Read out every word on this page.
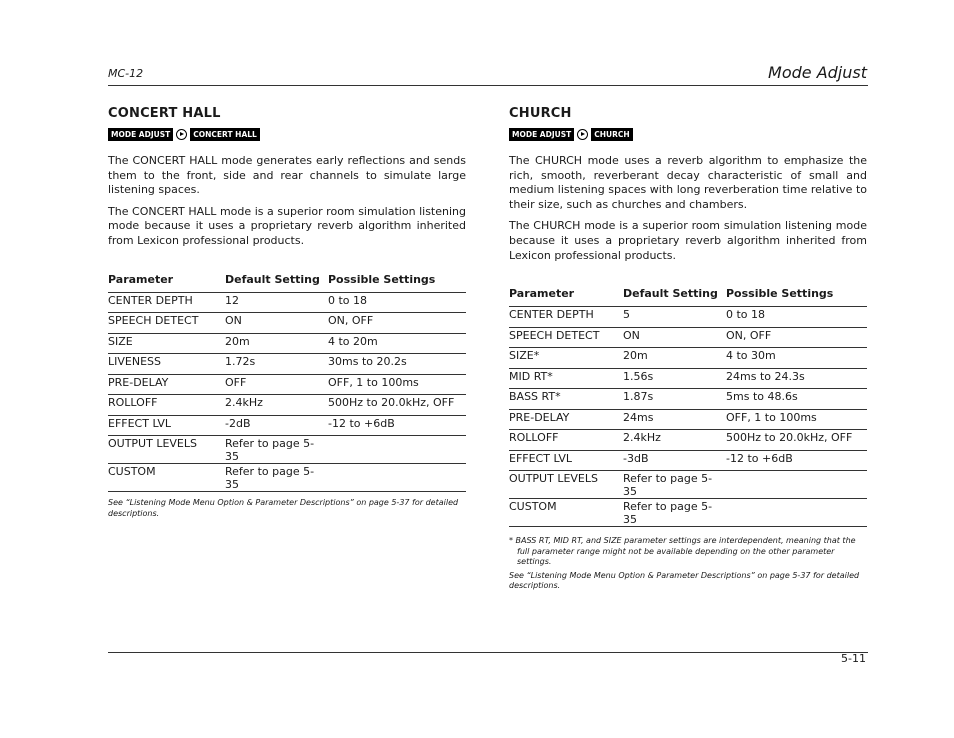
MC-12	Mode Adjust
CONCERT HALL
MODE ADJUST	CONCERT HALL

The CONCERT HALL mode generates early reflections and sends them to the front, side and rear channels to simulate large listening spaces.

The CONCERT HALL mode is a superior room simulation listening mode because it uses a proprietary reverb algorithm inherited from Lexicon professional products.

Parameter	Default Setting	Possible Settings
CENTER DEPTH	12	0 to 18
SPEECH DETECT	ON	ON, OFF
SIZE	20m	4 to 20m
LIVENESS	1.72s	30ms to 20.2s
PRE-DELAY	OFF	OFF, 1 to 100ms
ROLLOFF	2.4kHz	500Hz to 20.0kHz, OFF
EFFECT LVL	-2dB	-12 to +6dB
OUTPUT LEVELS	Refer to page 5-35	
CUSTOM	Refer to page 5-35	

See “Listening Mode Menu Option & Parameter Descriptions” on page 5-37 for detailed descriptions.

CHURCH
MODE ADJUST	CHURCH

The CHURCH mode uses a reverb algorithm to emphasize the rich, smooth, reverberant decay characteristic of small and medium listening spaces with long reverberation time relative to their size, such as churches and chambers.

The CHURCH mode is a superior room simulation listening mode because it uses a proprietary reverb algorithm inherited from Lexicon professional products.

Parameter	Default Setting	Possible Settings
CENTER DEPTH	5	0 to 18
SPEECH DETECT	ON	ON, OFF
SIZE*	20m	4 to 30m
MID RT*	1.56s	24ms to 24.3s
BASS RT*	1.87s	5ms to 48.6s
PRE-DELAY	24ms	OFF, 1 to 100ms
ROLLOFF	2.4kHz	500Hz to 20.0kHz, OFF
EFFECT LVL	-3dB	-12 to +6dB
OUTPUT LEVELS	Refer to page 5-35	
CUSTOM	Refer to page 5-35	

* BASS RT, MID RT, and SIZE parameter settings are interdependent, meaning that the full parameter range might not be available depending on the other parameter settings.

See “Listening Mode Menu Option & Parameter Descriptions” on page 5-37 for detailed descriptions.

5-11
